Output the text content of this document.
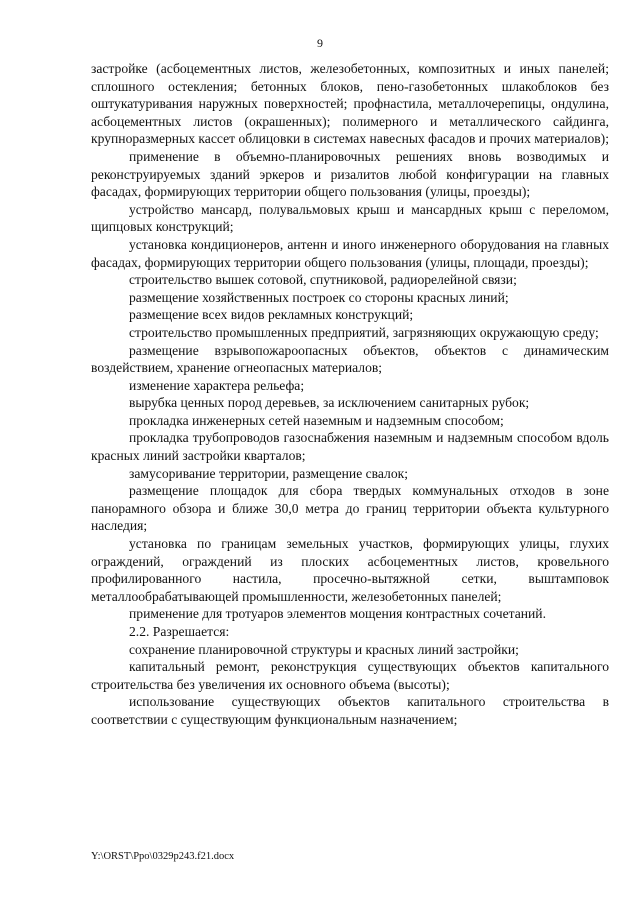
9

застройке (асбоцементных листов, железобетонных, композитных и иных панелей; сплошного остекления; бетонных блоков, пено-газобетонных шлакоблоков без оштукатуривания наружных поверхностей; профнастила, металлочерепицы, ондулина, асбоцементных листов (окрашенных); полимерного и металлического сайдинга, крупноразмерных кассет облицовки в системах навесных фасадов и прочих материалов);

применение в объемно-планировочных решениях вновь возводимых и реконструируемых зданий эркеров и ризалитов любой конфигурации на главных фасадах, формирующих территории общего пользования (улицы, проезды);

устройство мансард, полувальмовых крыш и мансардных крыш с переломом, щипцовых конструкций;

установка кондиционеров, антенн и иного инженерного оборудования на главных фасадах, формирующих территории общего пользования (улицы, площади, проезды);

строительство вышек сотовой, спутниковой, радиорелейной связи;

размещение хозяйственных построек со стороны красных линий;

размещение всех видов рекламных конструкций;

строительство промышленных предприятий, загрязняющих окружающую среду;

размещение взрывопожароопасных объектов, объектов с динамическим воздействием, хранение огнеопасных материалов;

изменение характера рельефа;

вырубка ценных пород деревьев, за исключением санитарных рубок;

прокладка инженерных сетей наземным и надземным способом;

прокладка трубопроводов газоснабжения наземным и надземным способом вдоль красных линий застройки кварталов;

замусоривание территории, размещение свалок;

размещение площадок для сбора твердых коммунальных отходов в зоне панорамного обзора и ближе 30,0 метра до границ территории объекта культурного наследия;

установка по границам земельных участков, формирующих улицы, глухих ограждений, ограждений из плоских асбоцементных листов, кровельного профилированного настила, просечно-вытяжной сетки, выштамповок металлообрабатывающей промышленности, железобетонных панелей;

применение для тротуаров элементов мощения контрастных сочетаний.

2.2. Разрешается:

сохранение планировочной структуры и красных линий застройки;

капитальный ремонт, реконструкция существующих объектов капитального строительства без увеличения их основного объема (высоты);

использование существующих объектов капитального строительства в соответствии с существующим функциональным назначением;

Y:\ORST\Ppo\0329p243.f21.docx
